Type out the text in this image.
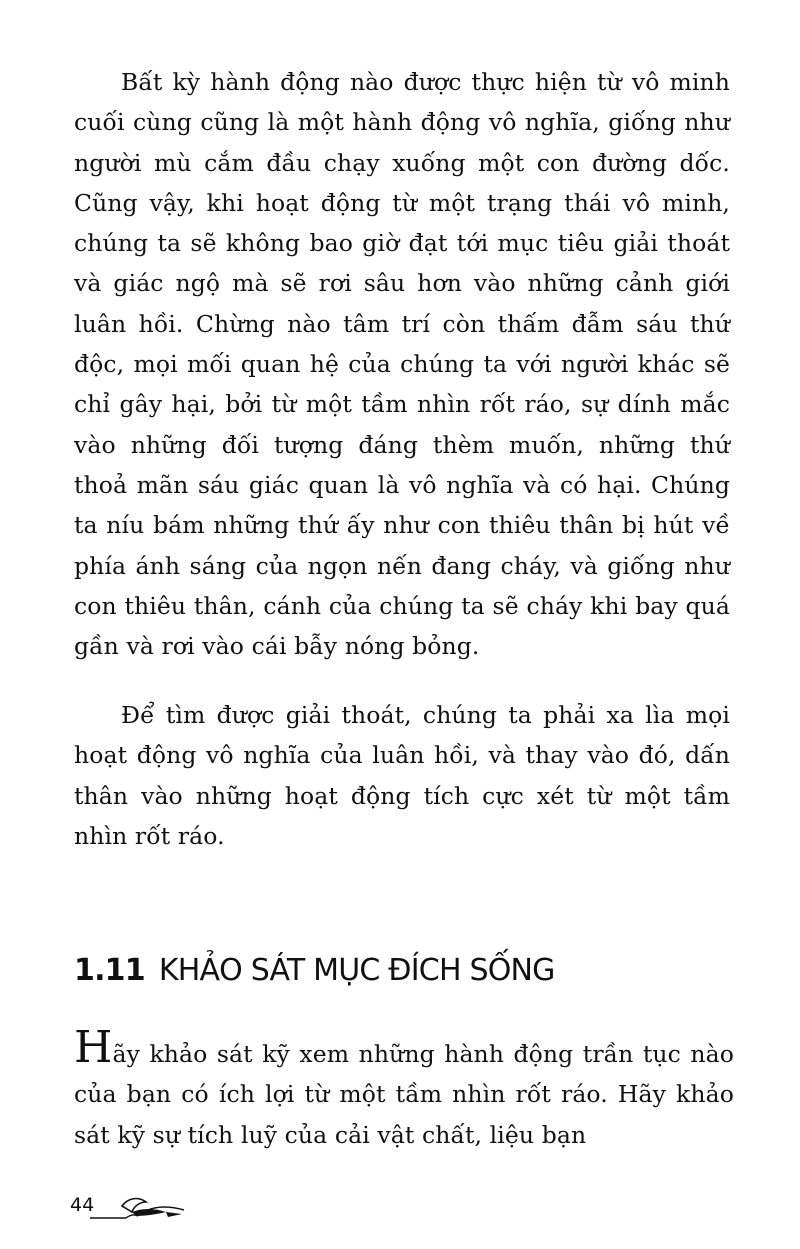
Bất kỳ hành động nào được thực hiện từ vô minh cuối cùng cũng là một hành động vô nghĩa, giống như người mù cắm đầu chạy xuống một con đường dốc. Cũng vậy, khi hoạt động từ một trạng thái vô minh, chúng ta sẽ không bao giờ đạt tới mục tiêu giải thoát và giác ngộ mà sẽ rơi sâu hơn vào những cảnh giới luân hồi. Chừng nào tâm trí còn thấm đẫm sáu thứ độc, mọi mối quan hệ của chúng ta với người khác sẽ chỉ gây hại, bởi từ một tầm nhìn rốt ráo, sự dính mắc vào những đối tượng đáng thèm muốn, những thứ thoả mãn sáu giác quan là vô nghĩa và có hại. Chúng ta níu bám những thứ ấy như con thiêu thân bị hút về phía ánh sáng của ngọn nến đang cháy, và giống như con thiêu thân, cánh của chúng ta sẽ cháy khi bay quá gần và rơi vào cái bẫy nóng bỏng.

Để tìm được giải thoát, chúng ta phải xa lìa mọi hoạt động vô nghĩa của luân hồi, và thay vào đó, dấn thân vào những hoạt động tích cực xét từ một tầm nhìn rốt ráo.

1.11 KHẢO SÁT MỤC ĐÍCH SỐNG

Hãy khảo sát kỹ xem những hành động trần tục nào của bạn có ích lợi từ một tầm nhìn rốt ráo. Hãy khảo sát kỹ sự tích luỹ của cải vật chất, liệu bạn

44
